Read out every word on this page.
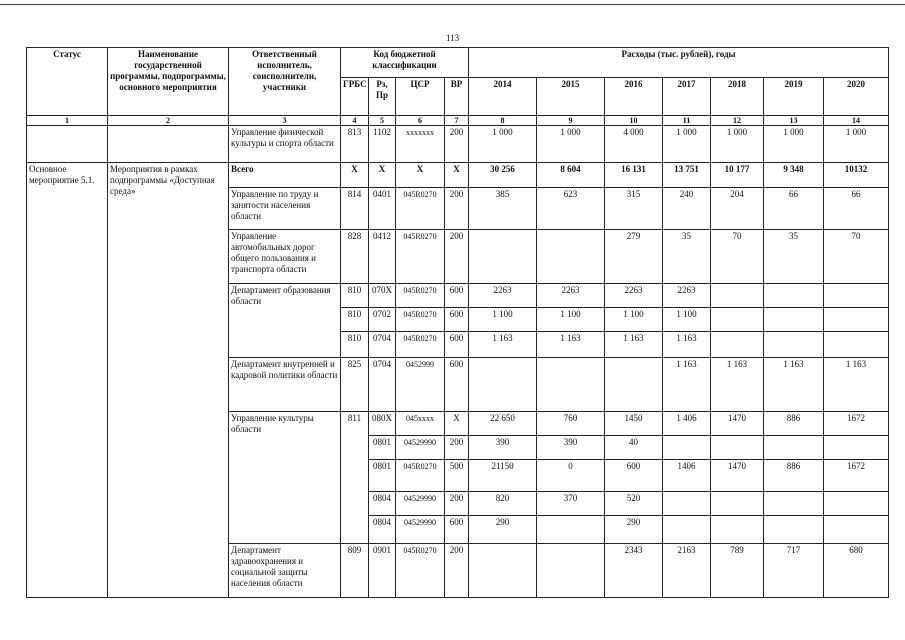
113
Статус	Наименование государственной программы, подпрограммы, основного мероприятия	Ответственный исполнитель, соисполнители, участники	Код бюджетной классификации				Расходы (тыс. рублей), годы						
			ГРБС	Рз, Пр	ЦСР	ВР	2014	2015	2016	2017	2018	2019	2020
1	2	3	4	5	6	7	8	9	10	11	12	13	14
		Управление физической культуры и спорта области	813	1102	xxxxxxx	200	1 000	1 000	4 000	1 000	1 000	1 000	1 000
Основное мероприятие 5.1.	Мероприятия в рамках подпрограммы «Доступная среда»	Всего	Х	Х	Х	Х	30 256	8 604	16 131	13 751	10 177	9 348	10132
		Управление по труду и занятости населения области	814	0401	045R0270	200	385	623	315	240	204	66	66
		Управление автомобильных дорог общего пользования и транспорта области	828	0412	045R0270	200			279	35	70	35	70
		Департамент образования области	810	070X	045R0270	600	2263	2263	2263	2263			
			810	0702	045R0270	600	1 100	1 100	1 100	1 100			
			810	0704	045R0270	600	1 163	1 163	1 163	1 163			
		Департамент внутренней и кадровой политики области	825	0704	0452999	600				1 163	1 163	1 163	1 163
		Управление культуры области	811	080X	045xxxx	Х	22 650	760	1450	1 406	1470	886	1672
				0801	04529990	200	390	390	40				
				0801	045R0270	500	21150	0	600	1406	1470	886	1672
				0804	04529990	200	820	370	520				
				0804	04529990	600	290		290				
		Департамент здравоохранения и социальной защиты населения области	809	0901	045R0270	200			2343	2163	789	717	680
